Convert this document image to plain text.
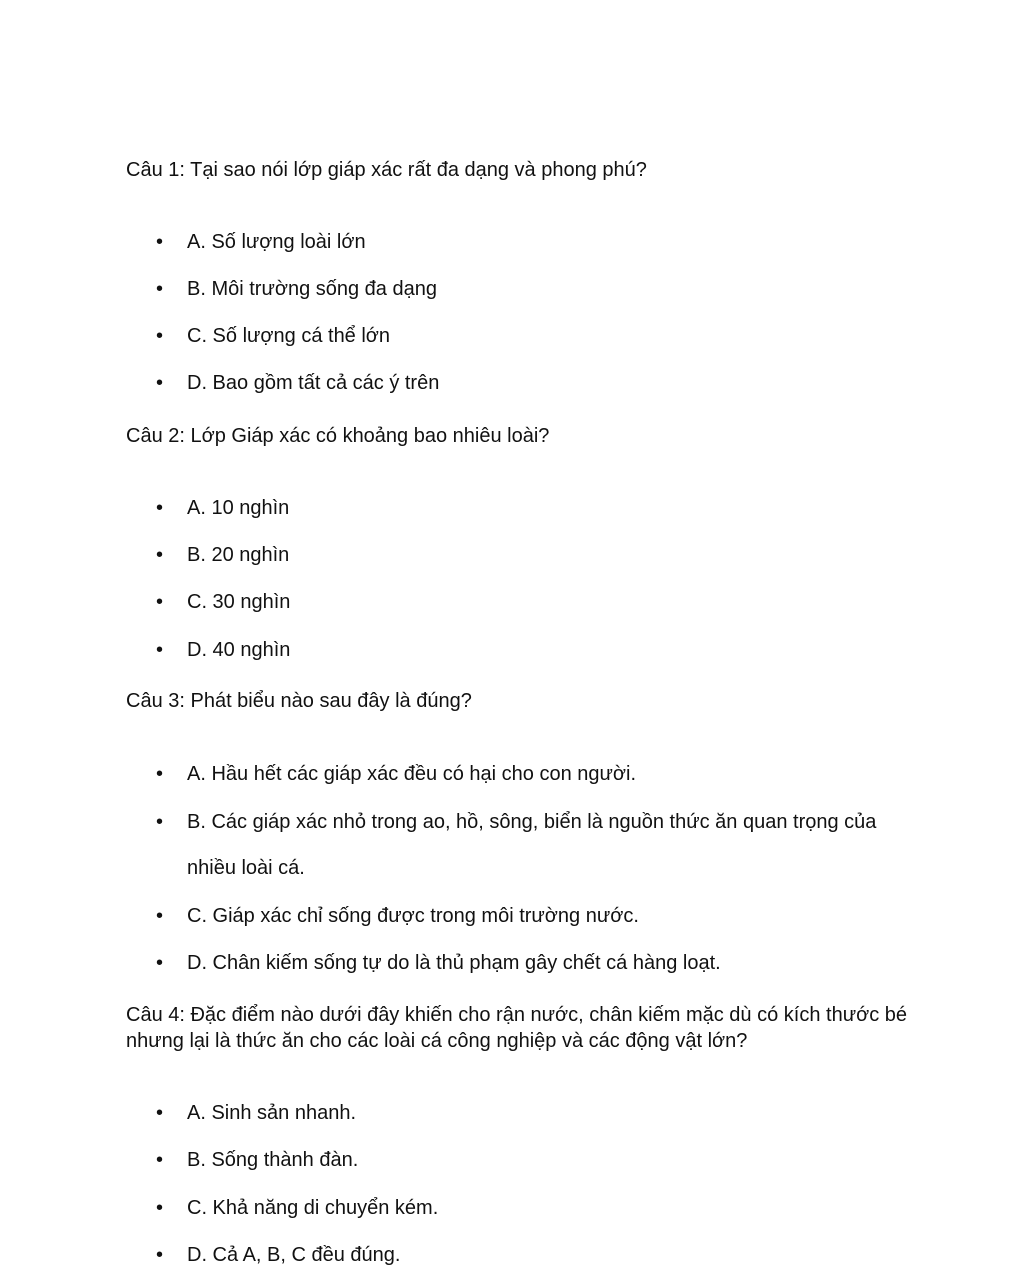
Câu 1: Tại sao nói lớp giáp xác rất đa dạng và phong phú?
• A. Số lượng loài lớn
• B. Môi trường sống đa dạng
• C. Số lượng cá thể lớn
• D. Bao gồm tất cả các ý trên
Câu 2: Lớp Giáp xác có khoảng bao nhiêu loài?
• A. 10 nghìn
• B. 20 nghìn
• C. 30 nghìn
• D. 40 nghìn
Câu 3: Phát biểu nào sau đây là đúng?
• A. Hầu hết các giáp xác đều có hại cho con người.
• B. Các giáp xác nhỏ trong ao, hồ, sông, biển là nguồn thức ăn quan trọng của nhiều loài cá.
• C. Giáp xác chỉ sống được trong môi trường nước.
• D. Chân kiếm sống tự do là thủ phạm gây chết cá hàng loạt.
Câu 4: Đặc điểm nào dưới đây khiến cho rận nước, chân kiếm mặc dù có kích thước bé nhưng lại là thức ăn cho các loài cá công nghiệp và các động vật lớn?
• A. Sinh sản nhanh.
• B. Sống thành đàn.
• C. Khả năng di chuyển kém.
• D. Cả A, B, C đều đúng.
